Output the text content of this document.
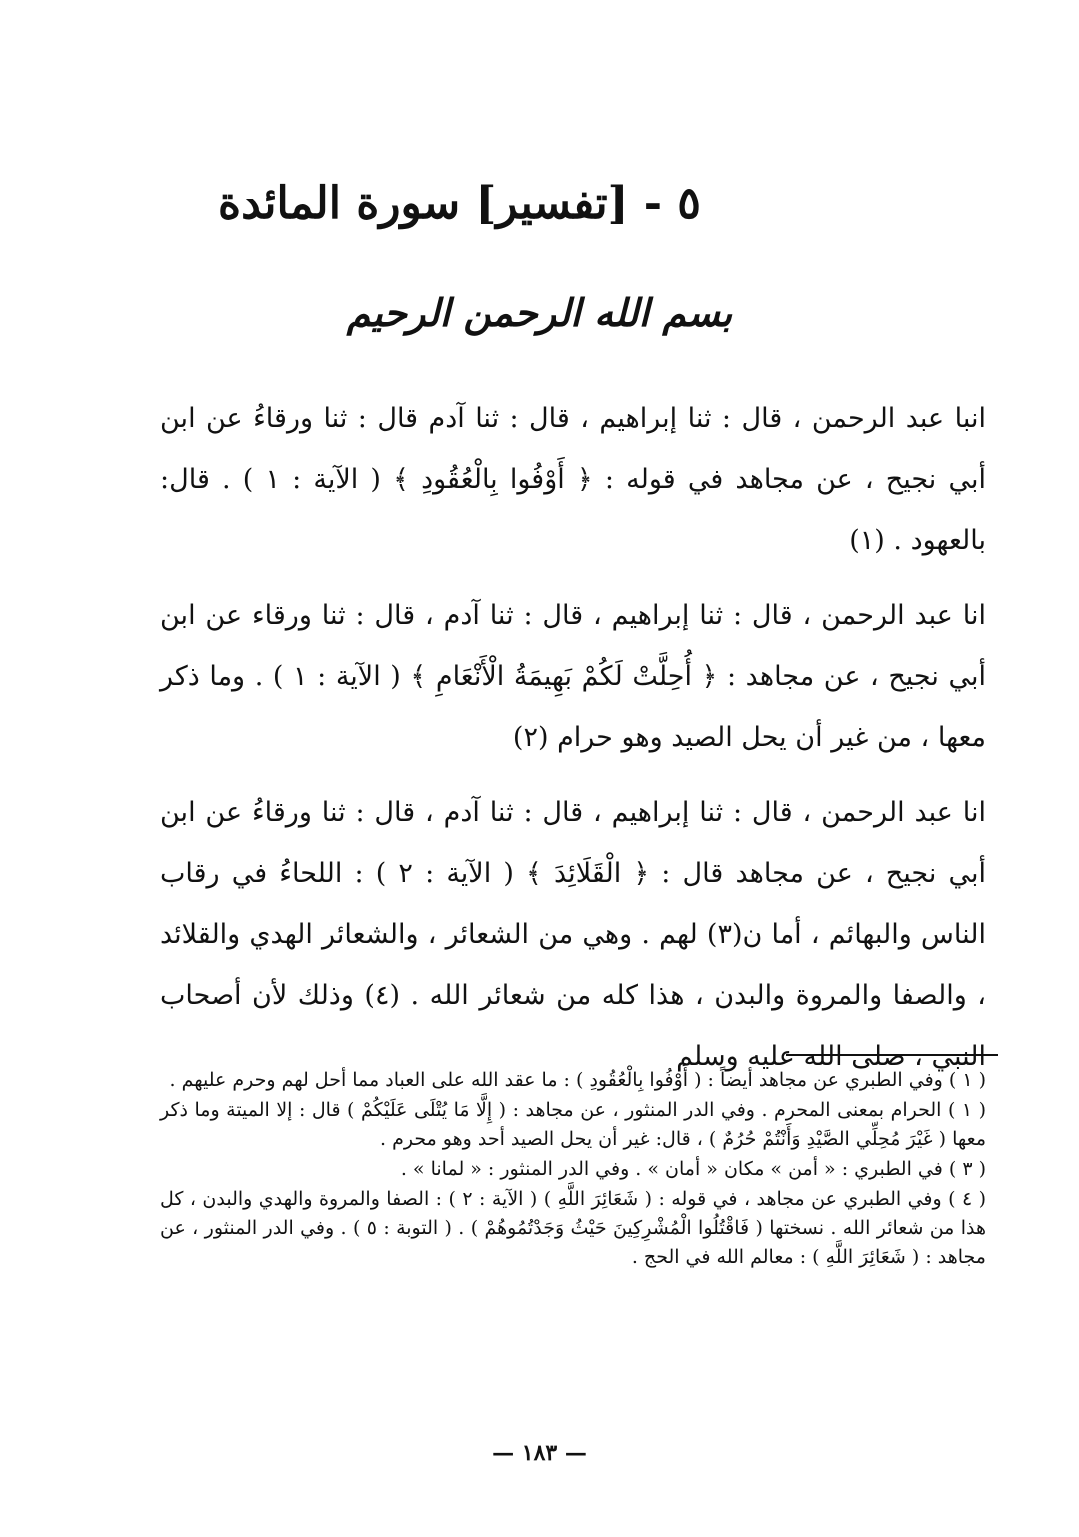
٥ - [تفسير] سورة المائدة
بسم الله الرحمن الرحيم

انبا عبد الرحمن ، قال : ثنا إبراهيم ، قال : ثنا آدم قال : ثنا ورقاءُ عن ابن أبي نجيح ، عن مجاهد في قوله : ﴿ أَوْفُوا بِالْعُقُودِ ﴾ ( الآية : ١ ) . قال: بالعهود . (١)

انا عبد الرحمن ، قال : ثنا إبراهيم ، قال : ثنا آدم ، قال : ثنا ورقاء عن ابن أبي نجيح ، عن مجاهد : ﴿ أُحِلَّتْ لَكُمْ بَهِيمَةُ الْأَنْعَامِ ﴾ ( الآية : ١ ) . وما ذكر معها ، من غير أن يحل الصيد وهو حرام (٢)

انا عبد الرحمن ، قال : ثنا إبراهيم ، قال : ثنا آدم ، قال : ثنا ورقاءُ عن ابن أبي نجيح ، عن مجاهد قال : ﴿ الْقَلَائِدَ ﴾ ( الآية : ٢ ) : اللحاءُ في رقاب الناس والبهائم ، أما ن(٣) لهم . وهي من الشعائر ، والشعائر الهدي والقلائد ، والصفا والمروة والبدن ، هذا كله من شعائر الله . (٤) وذلك لأن أصحاب النبي ، صلى الله عليه وسلم

( ١ ) وفي الطبري عن مجاهد أيضاً : ( أَوْفُوا بِالْعُقُودِ ) : ما عقد الله على العباد مما أحل لهم وحرم عليهم .
( ١ ) الحرام بمعنى المحرم . وفي الدر المنثور ، عن مجاهد : ( إِلَّا مَا يُتْلَى عَلَيْكُمْ ) قال : إلا الميتة وما ذكر معها ( غَيْرَ مُحِلِّي الصَّيْدِ وَأَنْتُمْ حُرُمٌ ) ، قال: غير أن يحل الصيد أحد وهو محرم .
( ٣ ) في الطبري : « أمن » مكان « أمان » . وفي الدر المنثور : « لمانا » .
( ٤ ) وفي الطبري عن مجاهد ، في قوله : ( شَعَائِرَ اللَّهِ ) ( الآية : ٢ ) : الصفا والمروة والهدي والبدن ، كل هذا من شعائر الله . نسختها ( فَاقْتُلُوا الْمُشْرِكِينَ حَيْثُ وَجَدْتُمُوهُمْ ) . ( التوبة : ٥ ) . وفي الدر المنثور ، عن مجاهد : ( شَعَائِرَ اللَّهِ ) : معالم الله في الحج .
— ١٨٣ —
